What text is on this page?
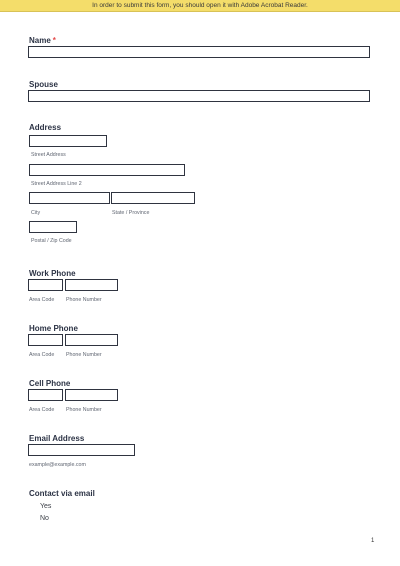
In order to submit this form, you should open it with Adobe Acrobat Reader.
Name *
Spouse
Address
Street Address
Street Address Line 2
City	State / Province
Postal / Zip Code
Work Phone
Area Code Phone Number
Home Phone
Area Code Phone Number
Cell Phone
Area Code Phone Number
Email Address
example@example.com
Contact via email
Yes
No
1
